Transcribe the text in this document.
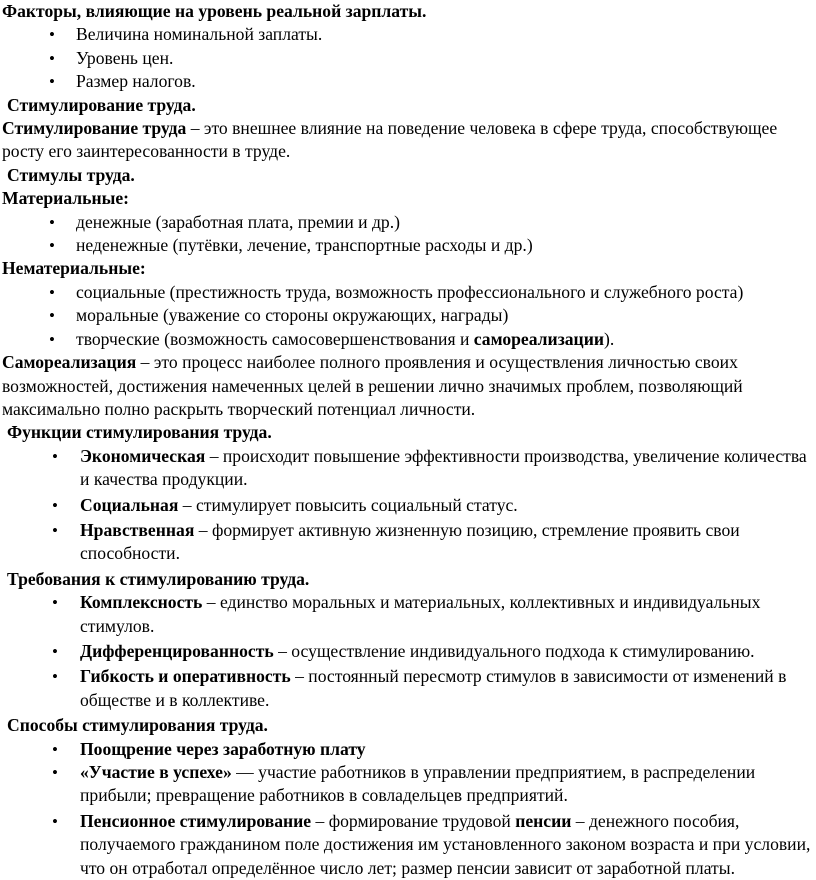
Факторы, влияющие на уровень реальной зарплаты.

• Величина номинальной заплаты.
• Уровень цен.
• Размер налогов.

Стимулирование труда.

Стимулирование труда – это внешнее влияние на поведение человека в сфере труда, способствующее росту его заинтересованности в труде.

Стимулы труда.

Материальные:

• денежные (заработная плата, премии и др.)
• неденежные (путёвки, лечение, транспортные расходы и др.)

Нематериальные:

• социальные (престижность труда, возможность профессионального и служебного роста)
• моральные (уважение со стороны окружающих, награды)
• творческие (возможность самосовершенствования и самореализации).

Самореализация – это процесс наиболее полного проявления и осуществления личностью своих возможностей, достижения намеченных целей в решении лично значимых проблем, позволяющий максимально полно раскрыть творческий потенциал личности.

Функции стимулирования труда.

• Экономическая – происходит повышение эффективности производства, увеличение количества и качества продукции.
• Социальная – стимулирует повысить социальный статус.
• Нравственная – формирует активную жизненную позицию, стремление проявить свои способности.

Требования к стимулированию труда.

• Комплексность – единство моральных и материальных, коллективных и индивидуальных стимулов.
• Дифференцированность – осуществление индивидуального подхода к стимулированию.
• Гибкость и оперативность – постоянный пересмотр стимулов в зависимости от изменений в обществе и в коллективе.

Способы стимулирования труда.

• Поощрение через заработную плату
• «Участие в успехе» — участие работников в управлении предприятием, в распределении прибыли; превращение работников в совладельцев предприятий.
• Пенсионное стимулирование – формирование трудовой пенсии – денежного пособия, получаемого гражданином поле достижения им установленного законом возраста и при условии, что он отработал определённое число лет; размер пенсии зависит от заработной платы.
